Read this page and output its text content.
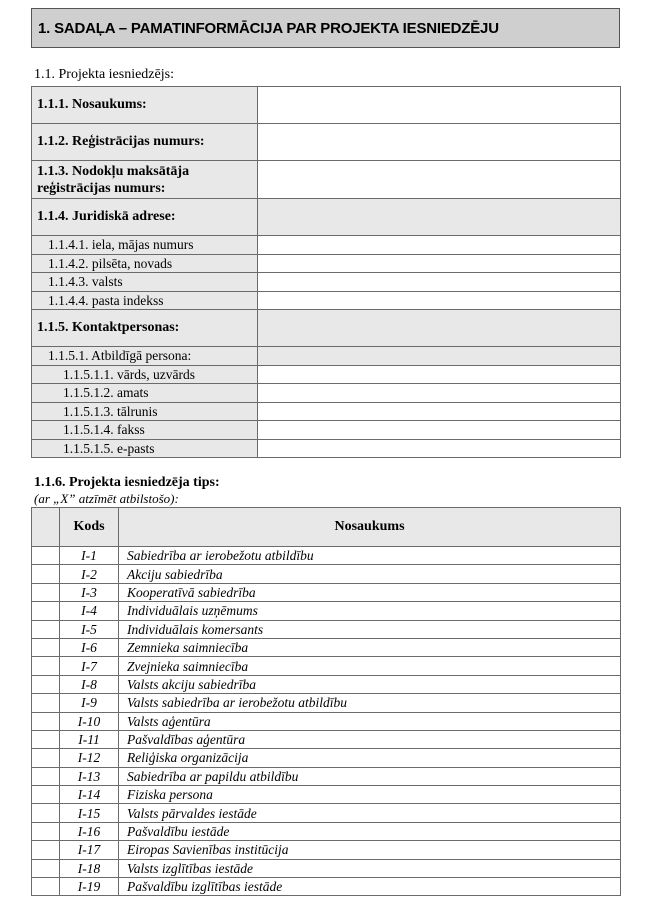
1. SADAĻA – PAMATINFORMĀCIJA PAR PROJEKTA IESNIEDZĒJU
1.1. Projekta iesniedzējs:
1.1.1. Nosaukums:	
1.1.2. Reģistrācijas numurs:	
1.1.3. Nodokļu maksātāja reģistrācijas numurs:	
1.1.4. Juridiskā adrese:	
1.1.4.1. iela, mājas numurs	
1.1.4.2. pilsēta, novads	
1.1.4.3. valsts	
1.1.4.4. pasta indekss	
1.1.5. Kontaktpersonas:	
1.1.5.1. Atbildīgā persona:	
1.1.5.1.1. vārds, uzvārds	
1.1.5.1.2. amats	
1.1.5.1.3. tālrunis	
1.1.5.1.4. fakss	
1.1.5.1.5. e-pasts	
1.1.6. Projekta iesniedzēja tips:
(ar „X” atzīmēt atbilstošo):
	Kods	Nosaukums
	I-1	Sabiedrība ar ierobežotu atbildību
	I-2	Akciju sabiedrība
	I-3	Kooperatīvā sabiedrība
	I-4	Individuālais uzņēmums
	I-5	Individuālais komersants
	I-6	Zemnieka saimniecība
	I-7	Zvejnieka saimniecība
	I-8	Valsts akciju sabiedrība
	I-9	Valsts sabiedrība ar ierobežotu atbildību
	I-10	Valsts aģentūra
	I-11	Pašvaldības aģentūra
	I-12	Reliģiska organizācija
	I-13	Sabiedrība ar papildu atbildību
	I-14	Fiziska persona
	I-15	Valsts pārvaldes iestāde
	I-16	Pašvaldību iestāde
	I-17	Eiropas Savienības institūcija
	I-18	Valsts izglītības iestāde
	I-19	Pašvaldību izglītības iestāde
